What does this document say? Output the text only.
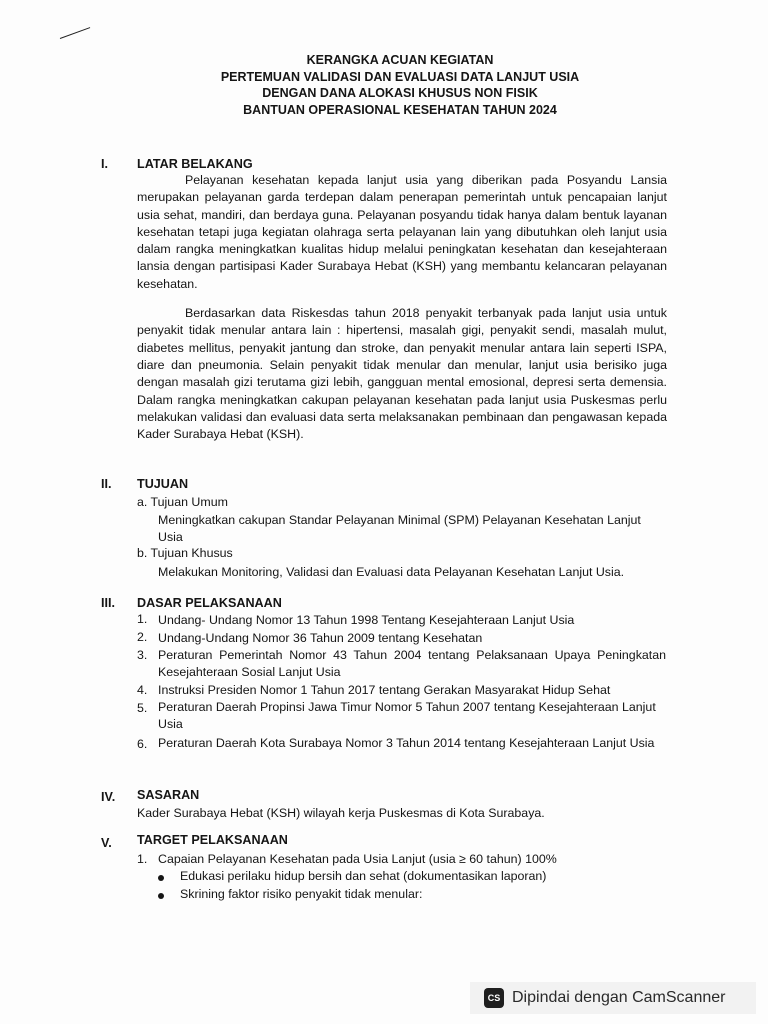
KERANGKA ACUAN KEGIATAN
PERTEMUAN VALIDASI DAN EVALUASI DATA LANJUT USIA
DENGAN DANA ALOKASI KHUSUS NON FISIK
BANTUAN OPERASIONAL KESEHATAN TAHUN 2024
I. LATAR BELAKANG

Pelayanan kesehatan kepada lanjut usia yang diberikan pada Posyandu Lansia merupakan pelayanan garda terdepan dalam penerapan pemerintah untuk pencapaian lanjut usia sehat, mandiri, dan berdaya guna. Pelayanan posyandu tidak hanya dalam bentuk layanan kesehatan tetapi juga kegiatan olahraga serta pelayanan lain yang dibutuhkan oleh lanjut usia dalam rangka meningkatkan kualitas hidup melalui peningkatan kesehatan dan kesejahteraan lansia dengan partisipasi Kader Surabaya Hebat (KSH) yang membantu kelancaran pelayanan kesehatan.

Berdasarkan data Riskesdas tahun 2018 penyakit terbanyak pada lanjut usia untuk penyakit tidak menular antara lain : hipertensi, masalah gigi, penyakit sendi, masalah mulut, diabetes mellitus, penyakit jantung dan stroke, dan penyakit menular antara lain seperti ISPA, diare dan pneumonia. Selain penyakit tidak menular dan menular, lanjut usia berisiko juga dengan masalah gizi terutama gizi lebih, gangguan mental emosional, depresi serta demensia. Dalam rangka meningkatkan cakupan pelayanan kesehatan pada lanjut usia Puskesmas perlu melakukan validasi dan evaluasi data serta melaksanakan pembinaan dan pengawasan kepada Kader Surabaya Hebat (KSH).

II. TUJUAN
a. Tujuan Umum
Meningkatkan cakupan Standar Pelayanan Minimal (SPM) Pelayanan Kesehatan Lanjut Usia
b. Tujuan Khusus
Melakukan Monitoring, Validasi dan Evaluasi data Pelayanan Kesehatan Lanjut Usia.
III. DASAR PELAKSANAAN
1. Undang- Undang Nomor 13 Tahun 1998 Tentang Kesejahteraan Lanjut Usia
2. Undang-Undang Nomor 36 Tahun 2009 tentang Kesehatan
3. Peraturan Pemerintah Nomor 43 Tahun 2004 tentang Pelaksanaan Upaya Peningkatan Kesejahteraan Sosial Lanjut Usia
4. Instruksi Presiden Nomor 1 Tahun 2017 tentang Gerakan Masyarakat Hidup Sehat
5. Peraturan Daerah Propinsi Jawa Timur Nomor 5 Tahun 2007 tentang Kesejahteraan Lanjut Usia
6. Peraturan Daerah Kota Surabaya Nomor 3 Tahun 2014 tentang Kesejahteraan Lanjut Usia
IV. SASARAN
Kader Surabaya Hebat (KSH) wilayah kerja Puskesmas di Kota Surabaya.
V. TARGET PELAKSANAAN
1. Capaian Pelayanan Kesehatan pada Usia Lanjut (usia ≥ 60 tahun) 100%
Edukasi perilaku hidup bersih dan sehat (dokumentasikan laporan)
Skrining faktor risiko penyakit tidak menular:
CS Dipindai dengan CamScanner
